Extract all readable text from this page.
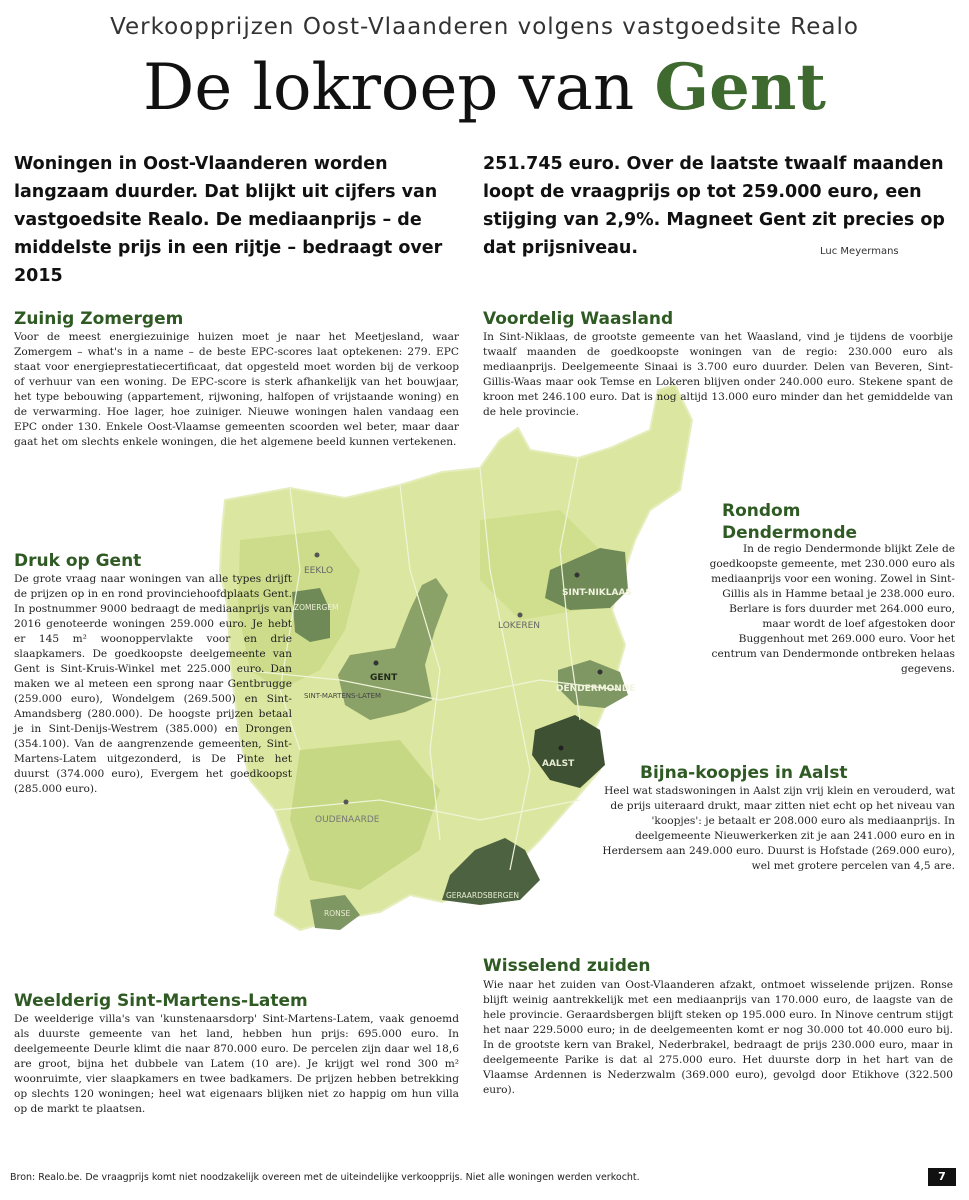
Verkoopprijzen Oost-Vlaanderen volgens vastgoedsite Realo
De lokroep van Gent
Woningen in Oost-Vlaanderen worden langzaam duurder. Dat blijkt uit cijfers van vastgoedsite Realo. De mediaanprijs – de middelste prijs in een rijtje – bedraagt over 2015
251.745 euro. Over de laatste twaalf maanden loopt de vraagprijs op tot 259.000 euro, een stijging van 2,9%. Magneet Gent zit precies op dat prijsniveau.	Luc Meyermans
EEKLO
ZOMERGEM
GENT
SINT-MARTENS-LATEM
LOKEREN
SINT-NIKLAAS
DENDERMONDE
AALST
OUDENAARDE
RONSE
GERAARDSBERGEN
Zuinig Zomergem

Voor de meest energiezuinige huizen moet je naar het Meetjesland, waar Zomergem – what's in a name – de beste EPC-scores laat optekenen: 279. EPC staat voor energieprestatiecertificaat, dat opgesteld moet worden bij de verkoop of verhuur van een woning. De EPC-score is sterk afhankelijk van het bouwjaar, het type bebouwing (appartement, rijwoning, halfopen of vrijstaande woning) en de verwarming. Hoe lager, hoe zuiniger. Nieuwe woningen halen vandaag een EPC onder 130. Enkele Oost-Vlaamse gemeenten scoorden wel beter, maar daar gaat het om slechts enkele woningen, die het algemene beeld kunnen vertekenen.

Voordelig Waasland

In Sint-Niklaas, de grootste gemeente van het Waasland, vind je tijdens de voorbije twaalf maanden de goedkoopste woningen van de regio: 230.000 euro als mediaanprijs. Deelgemeente Sinaai is 3.700 euro duurder. Delen van Beveren, Sint-Gillis-Waas maar ook Temse en Lokeren blijven onder 240.000 euro. Stekene spant de kroon met 246.100 euro. Dat is nog altijd 13.000 euro minder dan het gemiddelde van de hele provincie.

Druk op Gent

De grote vraag naar woningen van alle types drijft de prijzen op in en rond provinciehoofdplaats Gent. In postnummer 9000 bedraagt de mediaanprijs van 2016 genoteerde woningen 259.000 euro. Je hebt er 145 m² woonoppervlakte voor en drie slaapkamers. De goedkoopste deelgemeente van Gent is Sint-Kruis-Winkel met 225.000 euro. Dan maken we al meteen een sprong naar Gentbrugge (259.000 euro), Wondelgem (269.500) en Sint-Amandsberg (280.000). De hoogste prijzen betaal je in Sint-Denijs-Westrem (385.000) en Drongen (354.100). Van de aangrenzende gemeenten, Sint-Martens-Latem uitgezonderd, is De Pinte het duurst (374.000 euro), Evergem het goedkoopst (285.000 euro).

Rondom
Dendermonde

In de regio Dendermonde blijkt Zele de goedkoopste gemeente, met 230.000 euro als mediaanprijs voor een woning. Zowel in Sint-Gillis als in Hamme betaal je 238.000 euro. Berlare is fors duurder met 264.000 euro, maar wordt de loef afgestoken door Buggenhout met 269.000 euro. Voor het centrum van Dendermonde ontbreken helaas gegevens.

Bijna-koopjes in Aalst

Heel wat stadswoningen in Aalst zijn vrij klein en verouderd, wat de prijs uiteraard drukt, maar zitten niet echt op het niveau van 'koopjes': je betaalt er 208.000 euro als mediaanprijs. In deelgemeente Nieuwerkerken zit je aan 241.000 euro en in Herdersem aan 249.000 euro. Duurst is Hofstade (269.000 euro), wel met grotere percelen van 4,5 are.

Weelderig Sint-Martens-Latem

De weelderige villa's van 'kunstenaarsdorp' Sint-Martens-Latem, vaak genoemd als duurste gemeente van het land, hebben hun prijs: 695.000 euro. In deelgemeente Deurle klimt die naar 870.000 euro. De percelen zijn daar wel 18,6 are groot, bijna het dubbele van Latem (10 are). Je krijgt wel rond 300 m² woonruimte, vier slaapkamers en twee badkamers. De prijzen hebben betrekking op slechts 120 woningen; heel wat eigenaars blijken niet zo happig om hun villa op de markt te plaatsen.

Wisselend zuiden

Wie naar het zuiden van Oost-Vlaanderen afzakt, ontmoet wisselende prijzen. Ronse blijft weinig aantrekkelijk met een mediaanprijs van 170.000 euro, de laagste van de hele provincie. Geraardsbergen blijft steken op 195.000 euro. In Ninove centrum stijgt het naar 229.5000 euro; in de deelgemeenten komt er nog 30.000 tot 40.000 euro bij. In de grootste kern van Brakel, Nederbrakel, bedraagt de prijs 230.000 euro, maar in deelgemeente Parike is dat al 275.000 euro. Het duurste dorp in het hart van de Vlaamse Ardennen is Nederzwalm (369.000 euro), gevolgd door Etikhove (322.500 euro).

Bron: Realo.be. De vraagprijs komt niet noodzakelijk overeen met de uiteindelijke verkoopprijs. Niet alle woningen werden verkocht.	7
